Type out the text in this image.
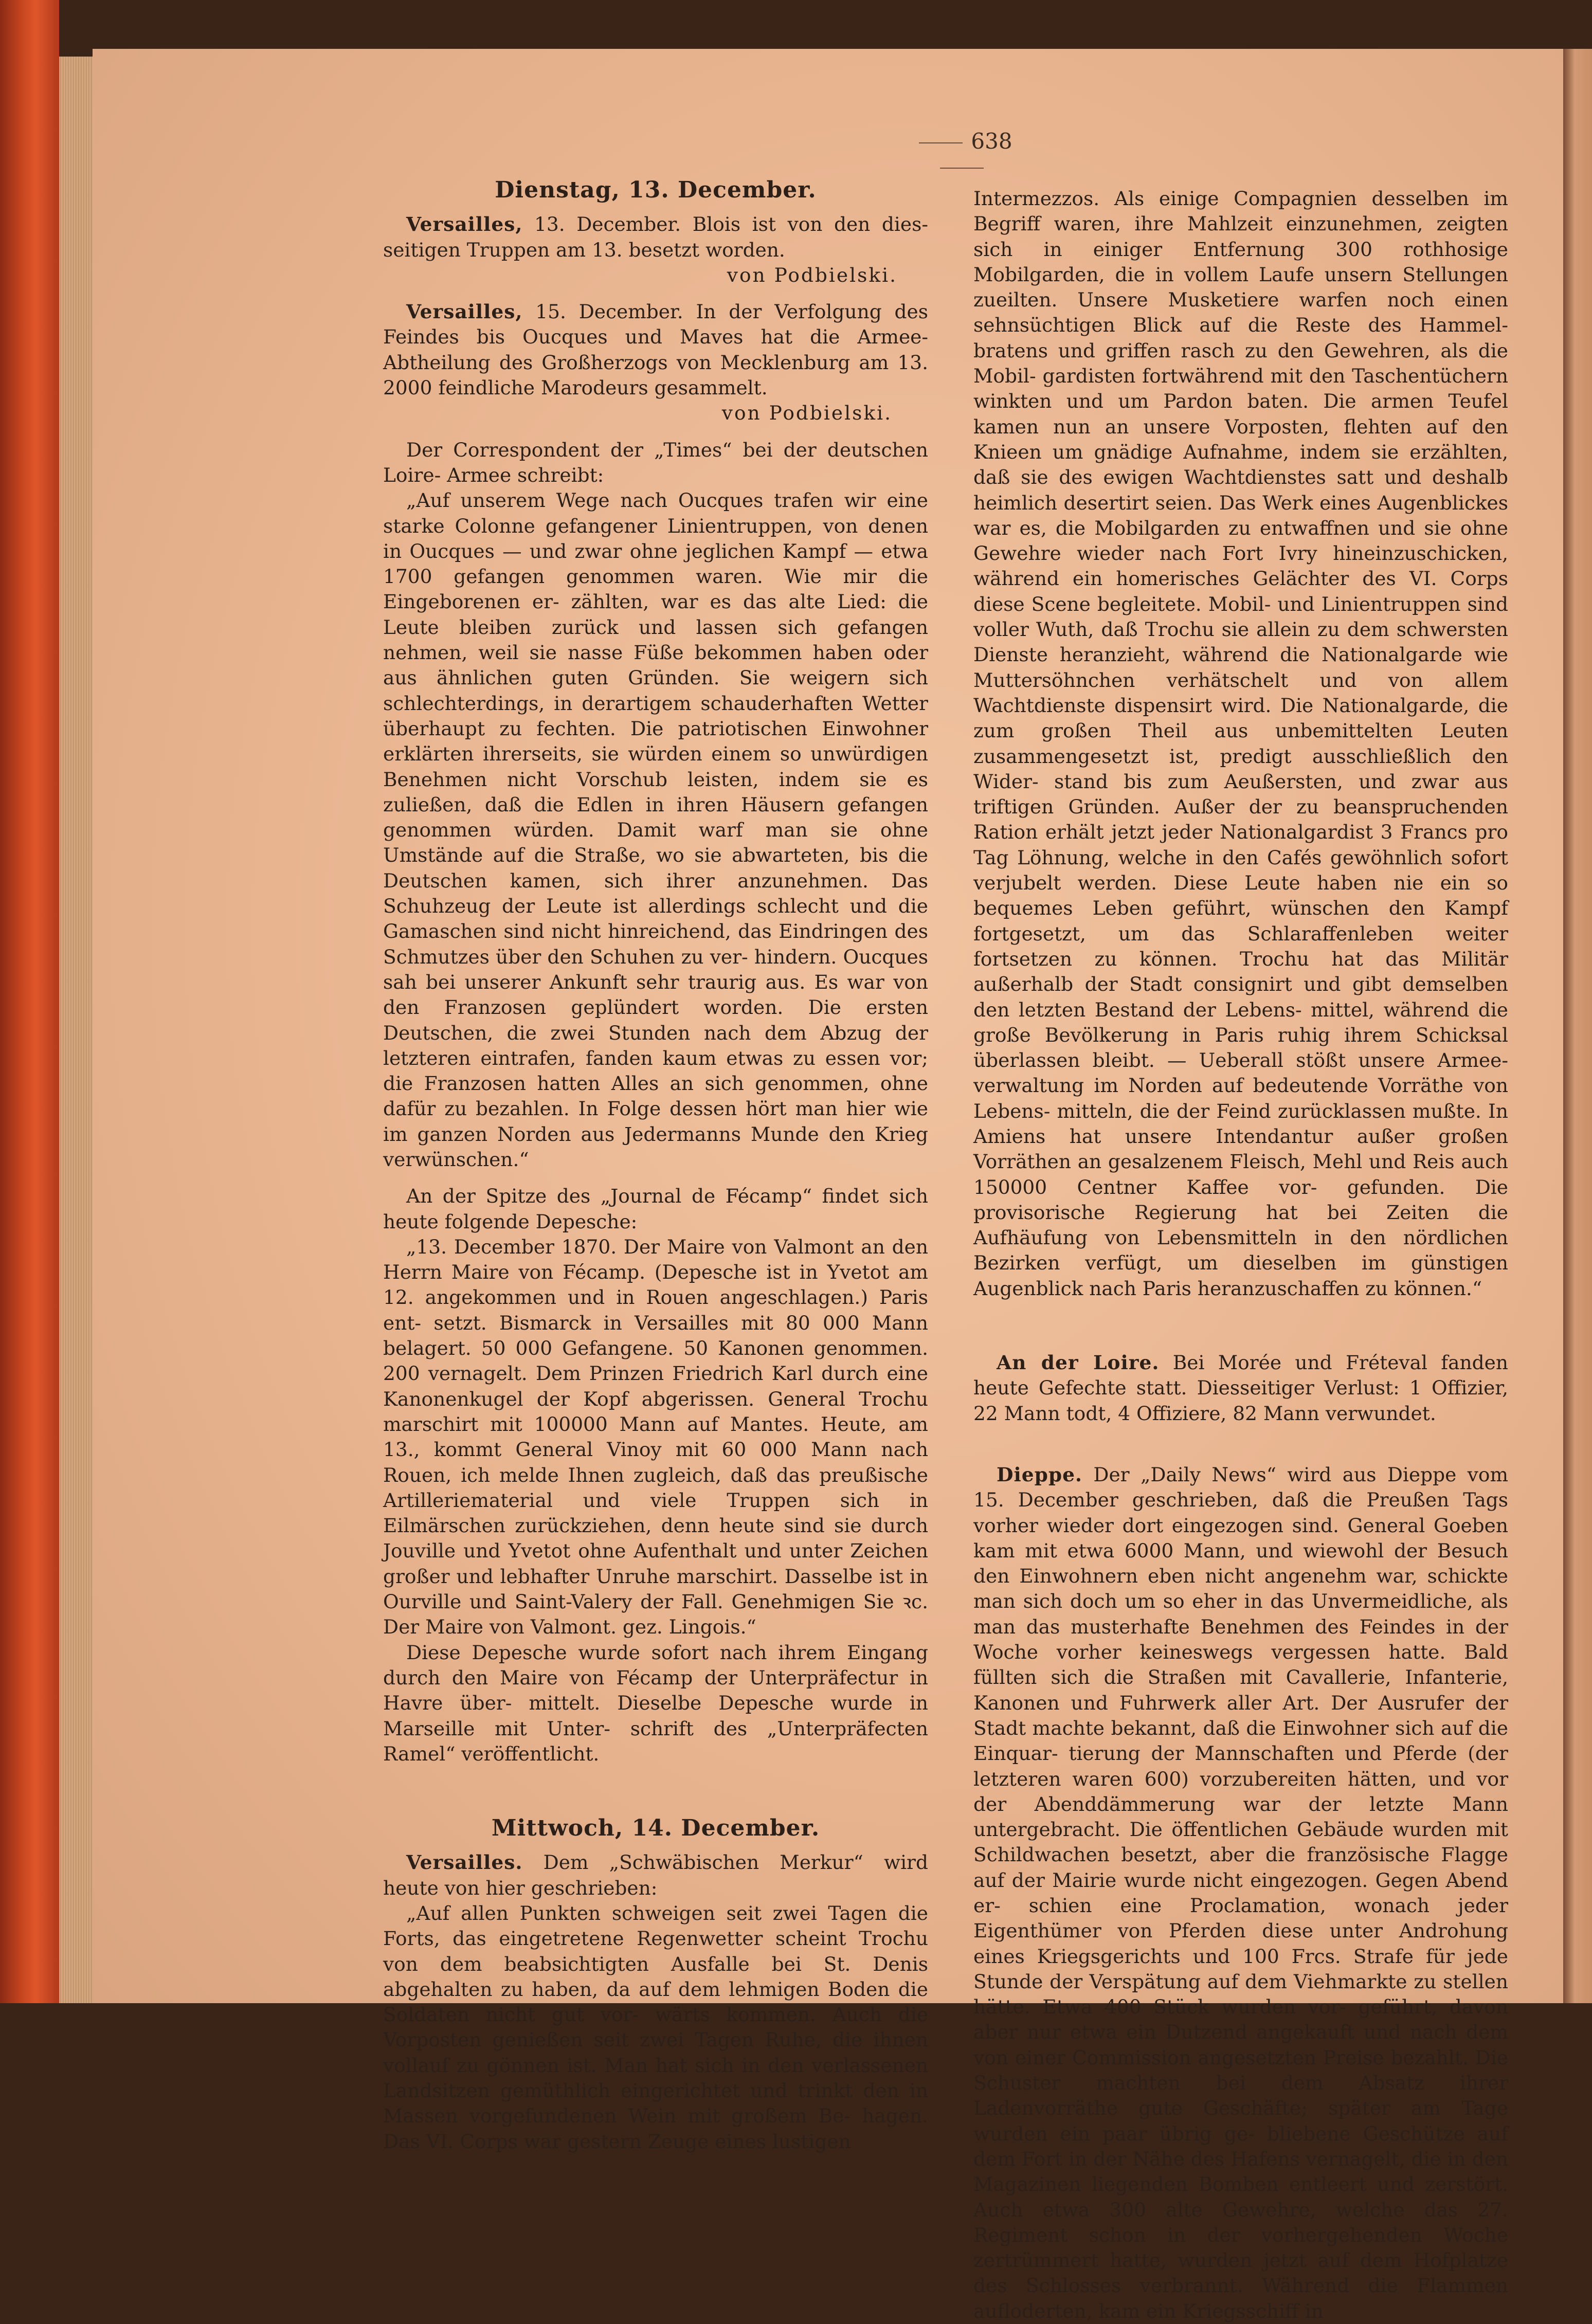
638
Dienstag, 13. December.

Versailles, 13. December. Blois ist von den dies- seitigen Truppen am 13. besetzt worden.

von Podbielski.

Versailles, 15. December. In der Verfolgung des Feindes bis Oucques und Maves hat die Armee-Abtheilung des Großherzogs von Mecklenburg am 13. 2000 feindliche Marodeurs gesammelt.
von Podbielski.

Der Correspondent der „Times“ bei der deutschen Loire- Armee schreibt:

„Auf unserem Wege nach Oucques trafen wir eine starke Colonne gefangener Linientruppen, von denen in Oucques — und zwar ohne jeglichen Kampf — etwa 1700 gefangen genommen waren. Wie mir die Eingeborenen er- zählten, war es das alte Lied: die Leute bleiben zurück und lassen sich gefangen nehmen, weil sie nasse Füße bekommen haben oder aus ähnlichen guten Gründen. Sie weigern sich schlechterdings, in derartigem schauderhaften Wetter überhaupt zu fechten. Die patriotischen Einwohner erklärten ihrerseits, sie würden einem so unwürdigen Benehmen nicht Vorschub leisten, indem sie es zuließen, daß die Edlen in ihren Häusern gefangen genommen würden. Damit warf man sie ohne Umstände auf die Straße, wo sie abwarteten, bis die Deutschen kamen, sich ihrer anzunehmen. Das Schuhzeug der Leute ist allerdings schlecht und die Gamaschen sind nicht hinreichend, das Eindringen des Schmutzes über den Schuhen zu ver- hindern. Oucques sah bei unserer Ankunft sehr traurig aus. Es war von den Franzosen geplündert worden. Die ersten Deutschen, die zwei Stunden nach dem Abzug der letzteren eintrafen, fanden kaum etwas zu essen vor; die Franzosen hatten Alles an sich genommen, ohne dafür zu bezahlen. In Folge dessen hört man hier wie im ganzen Norden aus Jedermanns Munde den Krieg verwünschen.“

An der Spitze des „Journal de Fécamp“ findet sich heute folgende Depesche:

„13. December 1870. Der Maire von Valmont an den Herrn Maire von Fécamp. (Depesche ist in Yvetot am 12. angekommen und in Rouen angeschlagen.) Paris ent- setzt. Bismarck in Versailles mit 80 000 Mann belagert. 50 000 Gefangene. 50 Kanonen genommen. 200 vernagelt. Dem Prinzen Friedrich Karl durch eine Kanonenkugel der Kopf abgerissen. General Trochu marschirt mit 100000 Mann auf Mantes. Heute, am 13., kommt General Vinoy mit 60 000 Mann nach Rouen, ich melde Ihnen zugleich, daß das preußische Artilleriematerial und viele Truppen sich in Eilmärschen zurückziehen, denn heute sind sie durch Jouville und Yvetot ohne Aufenthalt und unter Zeichen großer und lebhafter Unruhe marschirt. Dasselbe ist in Ourville und Saint-Valery der Fall. Genehmigen Sie ꝛc. Der Maire von Valmont. gez. Lingois.“

Diese Depesche wurde sofort nach ihrem Eingang durch den Maire von Fécamp der Unterpräfectur in Havre über- mittelt. Dieselbe Depesche wurde in Marseille mit Unter- schrift des „Unterpräfecten Ramel“ veröffentlicht.

Mittwoch, 14. December.

Versailles. Dem „Schwäbischen Merkur“ wird heute von hier geschrieben:

„Auf allen Punkten schweigen seit zwei Tagen die Forts, das eingetretene Regenwetter scheint Trochu von dem beabsichtigten Ausfalle bei St. Denis abgehalten zu haben, da auf dem lehmigen Boden die Soldaten nicht gut vor- wärts kommen. Auch die Vorposten genießen seit zwei Tagen Ruhe, die ihnen vollauf zu gönnen ist. Man hat sich in den verlassenen Landsitzen gemüthlich eingerichtet und trinkt den in Massen vorgefundenen Wein mit großem Be- hagen. Das VI. Corps war gestern Zeuge eines lustigen

Intermezzos. Als einige Compagnien desselben im Begriff waren, ihre Mahlzeit einzunehmen, zeigten sich in einiger Entfernung 300 rothhosige Mobilgarden, die in vollem Laufe unsern Stellungen zueilten. Unsere Musketiere warfen noch einen sehnsüchtigen Blick auf die Reste des Hammel- bratens und griffen rasch zu den Gewehren, als die Mobil- gardisten fortwährend mit den Taschentüchern winkten und um Pardon baten. Die armen Teufel kamen nun an unsere Vorposten, flehten auf den Knieen um gnädige Aufnahme, indem sie erzählten, daß sie des ewigen Wachtdienstes satt und deshalb heimlich desertirt seien. Das Werk eines Augenblickes war es, die Mobilgarden zu entwaffnen und sie ohne Gewehre wieder nach Fort Ivry hineinzuschicken, während ein homerisches Gelächter des VI. Corps diese Scene begleitete. Mobil- und Linientruppen sind voller Wuth, daß Trochu sie allein zu dem schwersten Dienste heranzieht, während die Nationalgarde wie Muttersöhnchen verhätschelt und von allem Wachtdienste dispensirt wird. Die Nationalgarde, die zum großen Theil aus unbemittelten Leuten zusammengesetzt ist, predigt ausschließlich den Wider- stand bis zum Aeußersten, und zwar aus triftigen Gründen. Außer der zu beanspruchenden Ration erhält jetzt jeder Nationalgardist 3 Francs pro Tag Löhnung, welche in den Cafés gewöhnlich sofort verjubelt werden. Diese Leute haben nie ein so bequemes Leben geführt, wünschen den Kampf fortgesetzt, um das Schlaraffenleben weiter fortsetzen zu können. Trochu hat das Militär außerhalb der Stadt consignirt und gibt demselben den letzten Bestand der Lebens- mittel, während die große Bevölkerung in Paris ruhig ihrem Schicksal überlassen bleibt. — Ueberall stößt unsere Armee- verwaltung im Norden auf bedeutende Vorräthe von Lebens- mitteln, die der Feind zurücklassen mußte. In Amiens hat unsere Intendantur außer großen Vorräthen an gesalzenem Fleisch, Mehl und Reis auch 150000 Centner Kaffee vor- gefunden. Die provisorische Regierung hat bei Zeiten die Aufhäufung von Lebensmitteln in den nördlichen Bezirken verfügt, um dieselben im günstigen Augenblick nach Paris heranzuschaffen zu können.“

An der Loire. Bei Morée und Fréteval fanden heute Gefechte statt. Diesseitiger Verlust: 1 Offizier, 22 Mann todt, 4 Offiziere, 82 Mann verwundet.

Dieppe. Der „Daily News“ wird aus Dieppe vom 15. December geschrieben, daß die Preußen Tags vorher wieder dort eingezogen sind. General Goeben kam mit etwa 6000 Mann, und wiewohl der Besuch den Einwohnern eben nicht angenehm war, schickte man sich doch um so eher in das Unvermeidliche, als man das musterhafte Benehmen des Feindes in der Woche vorher keineswegs vergessen hatte. Bald füllten sich die Straßen mit Cavallerie, Infanterie, Kanonen und Fuhrwerk aller Art. Der Ausrufer der Stadt machte bekannt, daß die Einwohner sich auf die Einquar- tierung der Mannschaften und Pferde (der letzteren waren 600) vorzubereiten hätten, und vor der Abenddämmerung war der letzte Mann untergebracht. Die öffentlichen Gebäude wurden mit Schildwachen besetzt, aber die französische Flagge auf der Mairie wurde nicht eingezogen. Gegen Abend er- schien eine Proclamation, wonach jeder Eigenthümer von Pferden diese unter Androhung eines Kriegsgerichts und 100 Frcs. Strafe für jede Stunde der Verspätung auf dem Viehmarkte zu stellen hätte. Etwa 400 Stück wurden vor- geführt, davon aber nur etwa ein Dutzend angekauft und nach dem von einer Commission angesetzten Preise bezahlt. Die Schuster machten bei dem Absatz ihrer Ladenvorräthe gute Geschäfte; später am Tage wurden ein paar übrig ge- bliebene Geschütze auf dem Fort in der Nähe des Hafens vernagelt, die in den Magazinen liegenden Bomben entleert und zerstört. Auch etwa 300 alte Gewehre, welche das 27. Regiment schon in der vorhergehenden Woche zertrümmert hatte, wurden jetzt auf dem Hofplatze des Schlosses verbrannt. Während die Flammen aufloderten, kam ein Kriegsschiff in
